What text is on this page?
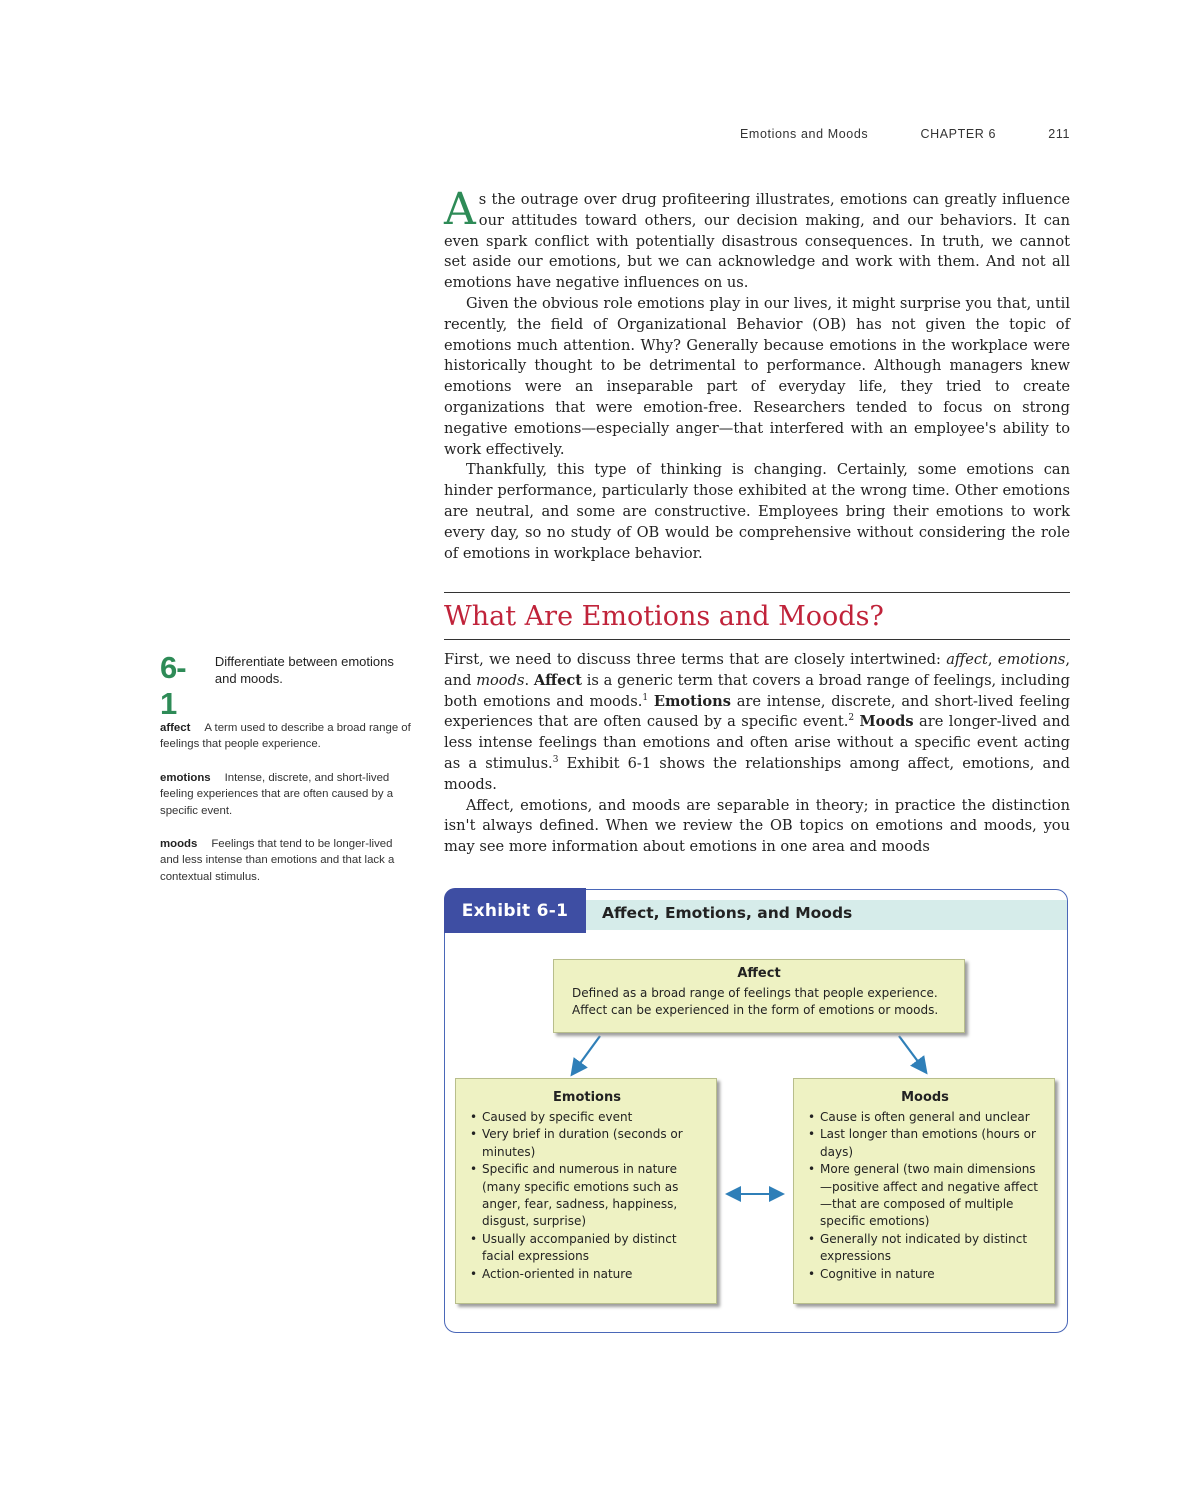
Emotions and Moods	CHAPTER 6	211

As the outrage over drug profiteering illustrates, emotions can greatly influence our attitudes toward others, our decision making, and our behaviors. It can even spark conflict with potentially disastrous consequences. In truth, we cannot set aside our emotions, but we can acknowledge and work with them. And not all emotions have negative influences on us.

Given the obvious role emotions play in our lives, it might surprise you that, until recently, the field of Organizational Behavior (OB) has not given the topic of emotions much attention. Why? Generally because emotions in the workplace were historically thought to be detrimental to performance. Although managers knew emotions were an inseparable part of everyday life, they tried to create organizations that were emotion-free. Researchers tended to focus on strong negative emotions—especially anger—that interfered with an employee's ability to work effectively.

Thankfully, this type of thinking is changing. Certainly, some emotions can hinder performance, particularly those exhibited at the wrong time. Other emotions are neutral, and some are constructive. Employees bring their emotions to work every day, so no study of OB would be comprehensive without considering the role of emotions in workplace behavior.

What Are Emotions and Moods?

First, we need to discuss three terms that are closely intertwined: affect, emotions, and moods. Affect is a generic term that covers a broad range of feelings, including both emotions and moods.$^1$ Emotions are intense, discrete, and short-lived feeling experiences that are often caused by a specific event.$^2$ Moods are longer-lived and less intense feelings than emotions and often arise without a specific event acting as a stimulus.$^3$ Exhibit 6-1 shows the relationships among affect, emotions, and moods.

Affect, emotions, and moods are separable in theory; in practice the distinction isn't always defined. When we review the OB topics on emotions and moods, you may see more information about emotions in one area and moods

6-1
Differentiate between emotions and moods.
affect A term used to describe a broad range of feelings that people experience.
emotions Intense, discrete, and short-lived feeling experiences that are often caused by a specific event.
moods Feelings that tend to be longer-lived and less intense than emotions and that lack a contextual stimulus.
Exhibit 6-1	Affect, Emotions, and Moods
Affect
Defined as a broad range of feelings that people experience.
Affect can be experienced in the form of emotions or moods.
Emotions
• Caused by specific event
• Very brief in duration (seconds or minutes)
• Specific and numerous in nature (many specific emotions such as anger, fear, sadness, happiness, disgust, surprise)
• Usually accompanied by distinct facial expressions
• Action-oriented in nature
Moods
• Cause is often general and unclear
• Last longer than emotions (hours or days)
• More general (two main dimensions—positive affect and negative affect—that are composed of multiple specific emotions)
• Generally not indicated by distinct expressions
• Cognitive in nature
